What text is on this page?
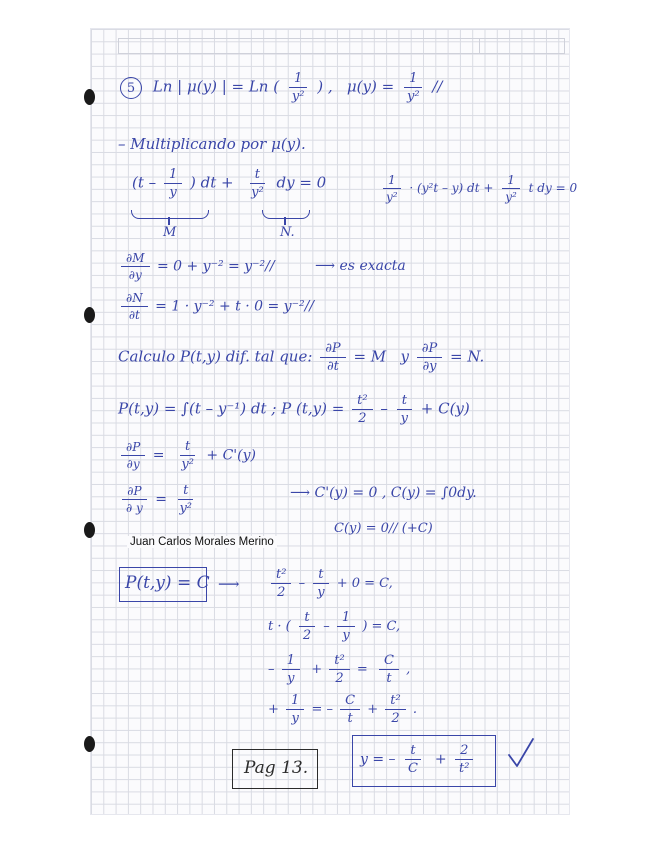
5 Ln | μ(y) | = Ln ( $\frac{1}{\text{y²}}$ ) , $\mu(y) = \frac{1}{\text{y²}}$ //
– Multiplicando por μ(y).
($t - \frac{1}{y}$ ) dt + $\frac{t}{\text{y²}}$ dy = 0	$\frac{1}{\text{y²}} \cdot (y^2t - y)$ dt + $\frac{1}{\text{y²}}$ t dy = 0
M	N.
$\frac{\partial M}{\partial y} = 0 + y^{-2} = y^{-2}//$	⟶ es exacta
$\frac{\partial N}{\partial t} = 1 \cdot y^{-2} + t \cdot 0 = y^{-2}//$
Calculo P(t,y) dif. tal que: $\frac{\partial P}{\partial t} = M$ y $\frac{\partial P}{\partial y} = N$.
P(t,y) = ∫(t – y⁻¹) dt ; P $(t,y) = \frac{\text{t²}}{2} - \frac{t}{y} + C(y)$
$\frac{\partial P}{\partial y} = \frac{t}{\text{y²}} + C'(y)$
$\frac{\partial P}{\partial y} = \frac{t}{\text{y²}}$	⟶ C'(y) = 0 , C(y) = ∫0dy.
C(y) = 0// (+C)
Juan Carlos Morales Merino
P(t,y) = C ⟶ $\frac{\text{t²}}{2} - \frac{t}{y} + 0 = C$,
t · ( $\frac{t}{2} - \frac{1}{y}$ ) = C,
– $\frac{1}{y} + \frac{\text{t²}}{2} = \frac{C}{t}$ ,
+ $\frac{1}{y}$ = – $\frac{C}{t} + \frac{\text{t²}}{2}$ .
Pag 13.	y = – $\frac{t}{C} + \frac{2}{\text{t²}}$
